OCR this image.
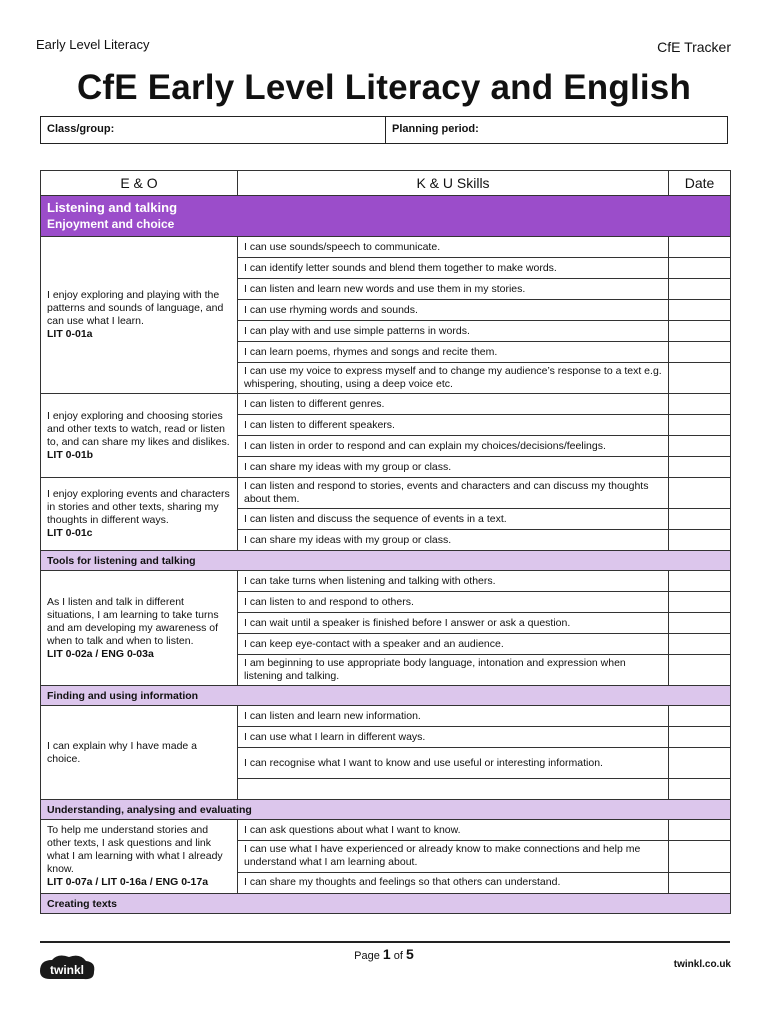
Early Level Literacy	CfE Tracker
CfE Early Level Literacy and English
Class/group:	Planning period:
E & O	K & U Skills	Date

Listening and talking
Enjoyment and choice		

I enjoy exploring and playing with the patterns and sounds of language, and can use what I learn.
LIT 0-01a	I can use sounds/speech to communicate.	
	I can identify letter sounds and blend them together to make words.	
	I can listen and learn new words and use them in my stories.	
	I can use rhyming words and sounds.	
	I can play with and use simple patterns in words.	
	I can learn poems, rhymes and songs and recite them.	
	I can use my voice to express myself and to change my audience’s response to a text e.g. whispering, shouting, using a deep voice etc.	
I enjoy exploring and choosing stories and other texts to watch, read or listen to, and can share my likes and dislikes. LIT 0-01b	I can listen to different genres.	
	I can listen to different speakers.	
	I can listen in order to respond and can explain my choices/decisions/feelings.	
	I can share my ideas with my group or class.	
I enjoy exploring events and characters in stories and other texts, sharing my thoughts in different ways.
LIT 0-01c	I can listen and respond to stories, events and characters and can discuss my thoughts about them.	
	I can listen and discuss the sequence of events in a text.	
	I can share my ideas with my group or class.	
Tools for listening and talking		
As I listen and talk in different situations, I am learning to take turns and am developing my awareness of when to talk and when to listen.
LIT 0-02a / ENG 0-03a	I can take turns when listening and talking with others.	
	I can listen to and respond to others.	
	I can wait until a speaker is finished before I answer or ask a question.	
	I can keep eye-contact with a speaker and an audience.	
	I am beginning to use appropriate body language, intonation and expression when listening and talking.	
Finding and using information		
I can explain why I have made a choice.	I can listen and learn new information.	
	I can use what I learn in different ways.	
	I can recognise what I want to know and use useful or interesting information.	

Understanding, analysing and evaluating		
To help me understand stories and other texts, I ask questions and link what I am learning with what I already know.
LIT 0-07a / LIT 0-16a / ENG 0-17a	I can ask questions about what I want to know.	
	I can use what I have experienced or already know to make connections and help me understand what I am learning about.	
	I can share my thoughts and feelings so that others can understand.	
Creating texts		
twinkl
Page 1 of 5
twinkl.co.uk
